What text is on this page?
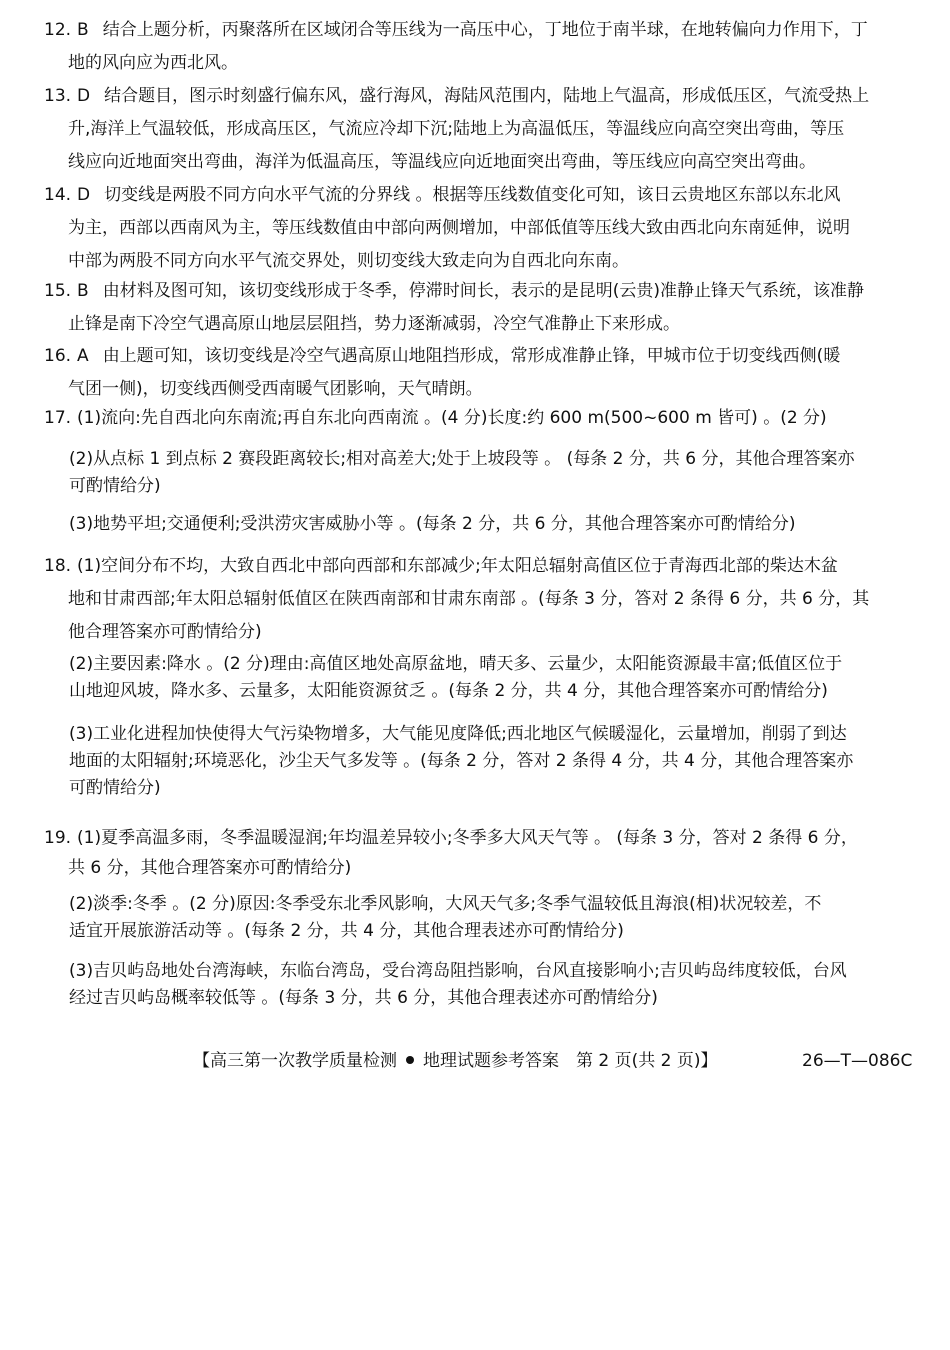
12. B 结合上题分析，丙聚落所在区域闭合等压线为一高压中心，丁地位于南半球，在地转偏向力作用下，丁
地的风向应为西北风。
13. D 结合题目，图示时刻盛行偏东风，盛行海风，海陆风范围内，陆地上气温高，形成低压区，气流受热上
升,海洋上气温较低，形成高压区，气流应冷却下沉;陆地上为高温低压，等温线应向高空突出弯曲，等压
线应向近地面突出弯曲，海洋为低温高压，等温线应向近地面突出弯曲，等压线应向高空突出弯曲。
14. D 切变线是两股不同方向水平气流的分界线 。根据等压线数值变化可知，该日云贵地区东部以东北风
为主，西部以西南风为主，等压线数值由中部向两侧增加，中部低值等压线大致由西北向东南延伸，说明
中部为两股不同方向水平气流交界处，则切变线大致走向为自西北向东南。
15. B 由材料及图可知，该切变线形成于冬季，停滞时间长，表示的是昆明(云贵)准静止锋天气系统，该准静
止锋是南下冷空气遇高原山地层层阻挡，势力逐渐减弱，冷空气准静止下来形成。
16. A 由上题可知，该切变线是冷空气遇高原山地阻挡形成，常形成准静止锋，甲城市位于切变线西侧(暖
气团一侧)，切变线西侧受西南暖气团影响，天气晴朗。
17. (1)流向:先自西北向东南流;再自东北向西南流 。(4 分)长度:约 600 m(500~600 m 皆可) 。(2 分)
(2)从点标 1 到点标 2 赛段距离较长;相对高差大;处于上坡段等 。 (每条 2 分，共 6 分，其他合理答案亦
可酌情给分)
(3)地势平坦;交通便利;受洪涝灾害威胁小等 。(每条 2 分，共 6 分，其他合理答案亦可酌情给分)
18. (1)空间分布不均，大致自西北中部向西部和东部减少;年太阳总辐射高值区位于青海西北部的柴达木盆
地和甘肃西部;年太阳总辐射低值区在陕西南部和甘肃东南部 。(每条 3 分，答对 2 条得 6 分，共 6 分，其
他合理答案亦可酌情给分)
(2)主要因素:降水 。(2 分)理由:高值区地处高原盆地，晴天多、云量少，太阳能资源最丰富;低值区位于
山地迎风坡，降水多、云量多，太阳能资源贫乏 。(每条 2 分，共 4 分，其他合理答案亦可酌情给分)
(3)工业化进程加快使得大气污染物增多，大气能见度降低;西北地区气候暖湿化，云量增加，削弱了到达
地面的太阳辐射;环境恶化，沙尘天气多发等 。(每条 2 分，答对 2 条得 4 分，共 4 分，其他合理答案亦
可酌情给分)
19. (1)夏季高温多雨，冬季温暖湿润;年均温差异较小;冬季多大风天气等 。 (每条 3 分，答对 2 条得 6 分，
共 6 分，其他合理答案亦可酌情给分)
(2)淡季:冬季 。(2 分)原因:冬季受东北季风影响，大风天气多;冬季气温较低且海浪(相)状况较差，不
适宜开展旅游活动等 。(每条 2 分，共 4 分，其他合理表述亦可酌情给分)
(3)吉贝屿岛地处台湾海峡，东临台湾岛，受台湾岛阻挡影响，台风直接影响小;吉贝屿岛纬度较低，台风
经过吉贝屿岛概率较低等 。(每条 3 分，共 6 分，其他合理表述亦可酌情给分)
【高三第一次教学质量检测 地理试题参考答案　第 2 页(共 2 页)】	26—T—086C
